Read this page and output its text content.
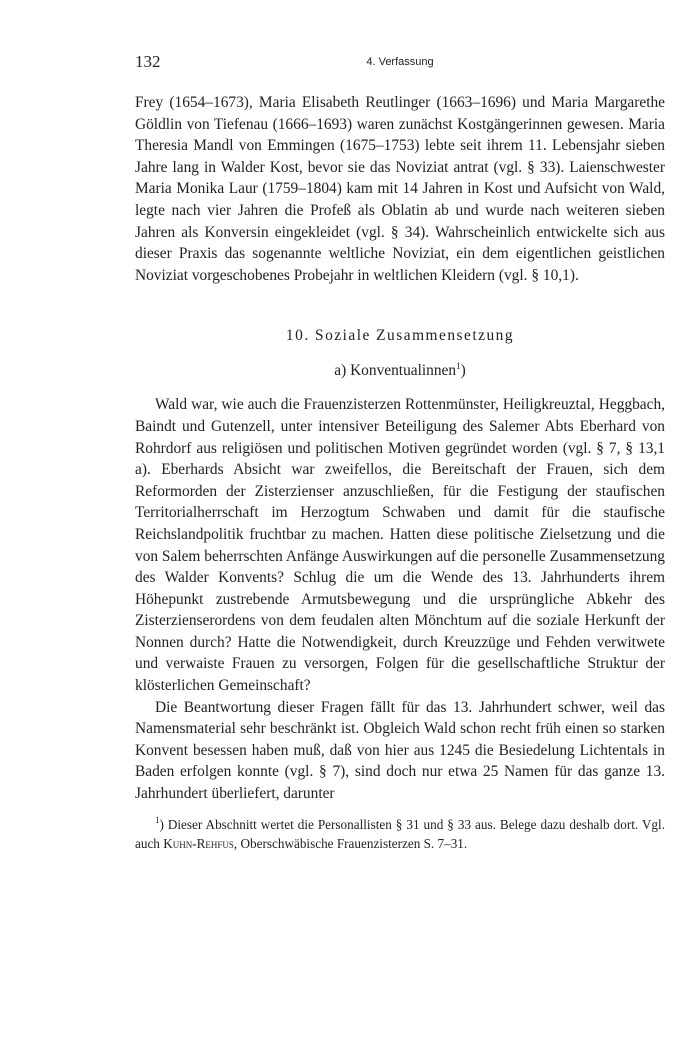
132	4. Verfassung

Frey (1654–1673), Maria Elisabeth Reutlinger (1663–1696) und Maria Margarethe Göldlin von Tiefenau (1666–1693) waren zunächst Kostgängerinnen gewesen. Maria Theresia Mandl von Emmingen (1675–1753) lebte seit ihrem 11. Lebensjahr sieben Jahre lang in Walder Kost, bevor sie das Noviziat antrat (vgl. § 33). Laienschwester Maria Monika Laur (1759–1804) kam mit 14 Jahren in Kost und Aufsicht von Wald, legte nach vier Jahren die Profeß als Oblatin ab und wurde nach weiteren sieben Jahren als Konversin eingekleidet (vgl. § 34). Wahrscheinlich entwickelte sich aus dieser Praxis das sogenannte weltliche Noviziat, ein dem eigentlichen geistlichen Noviziat vorgeschobenes Probejahr in weltlichen Kleidern (vgl. § 10,1).

10. Soziale Zusammensetzung
a) Konventualinnen$^1$)

Wald war, wie auch die Frauenzisterzen Rottenmünster, Heiligkreuztal, Heggbach, Baindt und Gutenzell, unter intensiver Beteiligung des Salemer Abts Eberhard von Rohrdorf aus religiösen und politischen Motiven gegründet worden (vgl. § 7, § 13,1 a). Eberhards Absicht war zweifellos, die Bereitschaft der Frauen, sich dem Reformorden der Zisterzienser anzuschließen, für die Festigung der staufischen Territorialherrschaft im Herzogtum Schwaben und damit für die staufische Reichslandpolitik fruchtbar zu machen. Hatten diese politische Zielsetzung und die von Salem beherrschten Anfänge Auswirkungen auf die personelle Zusammensetzung des Walder Konvents? Schlug die um die Wende des 13. Jahrhunderts ihrem Höhepunkt zustrebende Armutsbewegung und die ursprüngliche Abkehr des Zisterzienserordens von dem feudalen alten Mönchtum auf die soziale Herkunft der Nonnen durch? Hatte die Notwendigkeit, durch Kreuzzüge und Fehden verwitwete und verwaiste Frauen zu versorgen, Folgen für die gesellschaftliche Struktur der klösterlichen Gemeinschaft?

Die Beantwortung dieser Fragen fällt für das 13. Jahrhundert schwer, weil das Namensmaterial sehr beschränkt ist. Obgleich Wald schon recht früh einen so starken Konvent besessen haben muß, daß von hier aus 1245 die Besiedelung Lichtentals in Baden erfolgen konnte (vgl. § 7), sind doch nur etwa 25 Namen für das ganze 13. Jahrhundert überliefert, darunter

$^1$) Dieser Abschnitt wertet die Personallisten § 31 und § 33 aus. Belege dazu deshalb dort. Vgl. auch Kuhn-Rehfus, Oberschwäbische Frauenzisterzen S. 7–31.
